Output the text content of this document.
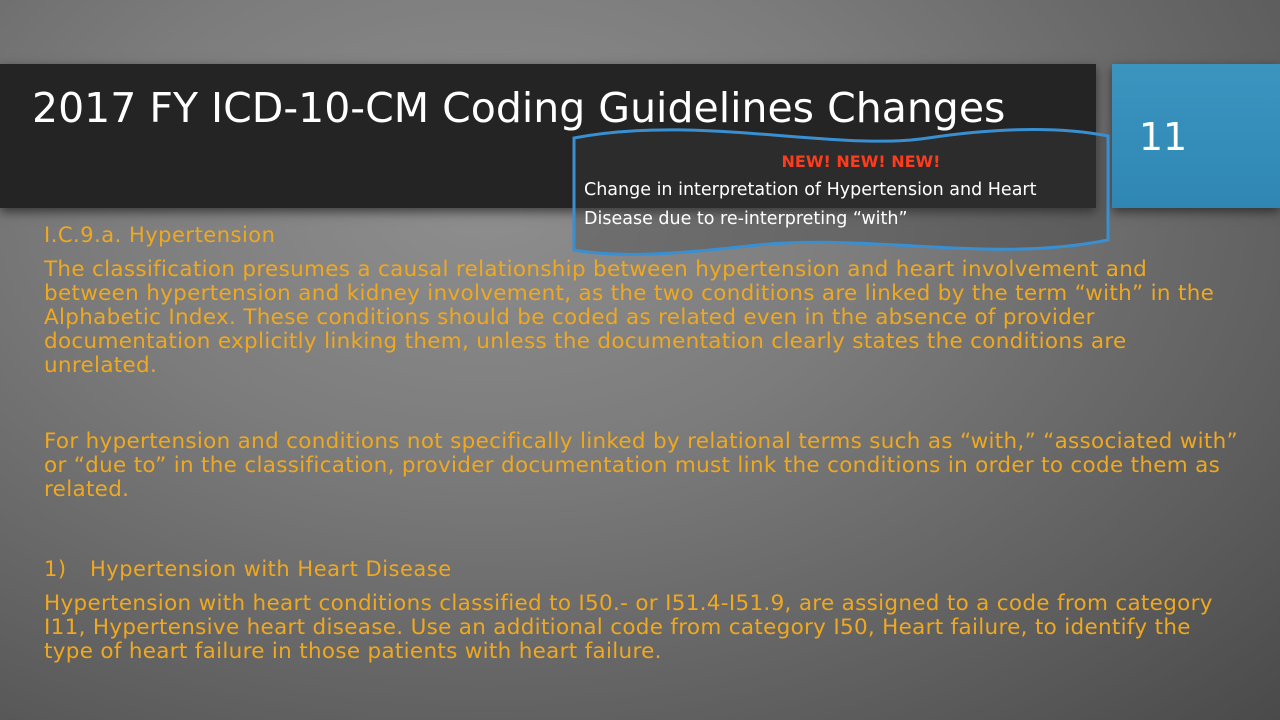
2017 FY ICD-10-CM Coding Guidelines Changes
11
NEW! NEW! NEW!
Change in interpretation of Hypertension and Heart Disease due to re-interpreting “with”

I.C.9.a. Hypertension

The classification presumes a causal relationship between hypertension and heart involvement and between hypertension and kidney involvement, as the two conditions are linked by the term “with” in the Alphabetic Index. These conditions should be coded as related even in the absence of provider documentation explicitly linking them, unless the documentation clearly states the conditions are unrelated.

For hypertension and conditions not specifically linked by relational terms such as “with,” “associated with” or “due to” in the classification, provider documentation must link the conditions in order to code them as related.

1) Hypertension with Heart Disease

Hypertension with heart conditions classified to I50.- or I51.4-I51.9, are assigned to a code from category I11, Hypertensive heart disease. Use an additional code from category I50, Heart failure, to identify the type of heart failure in those patients with heart failure.
